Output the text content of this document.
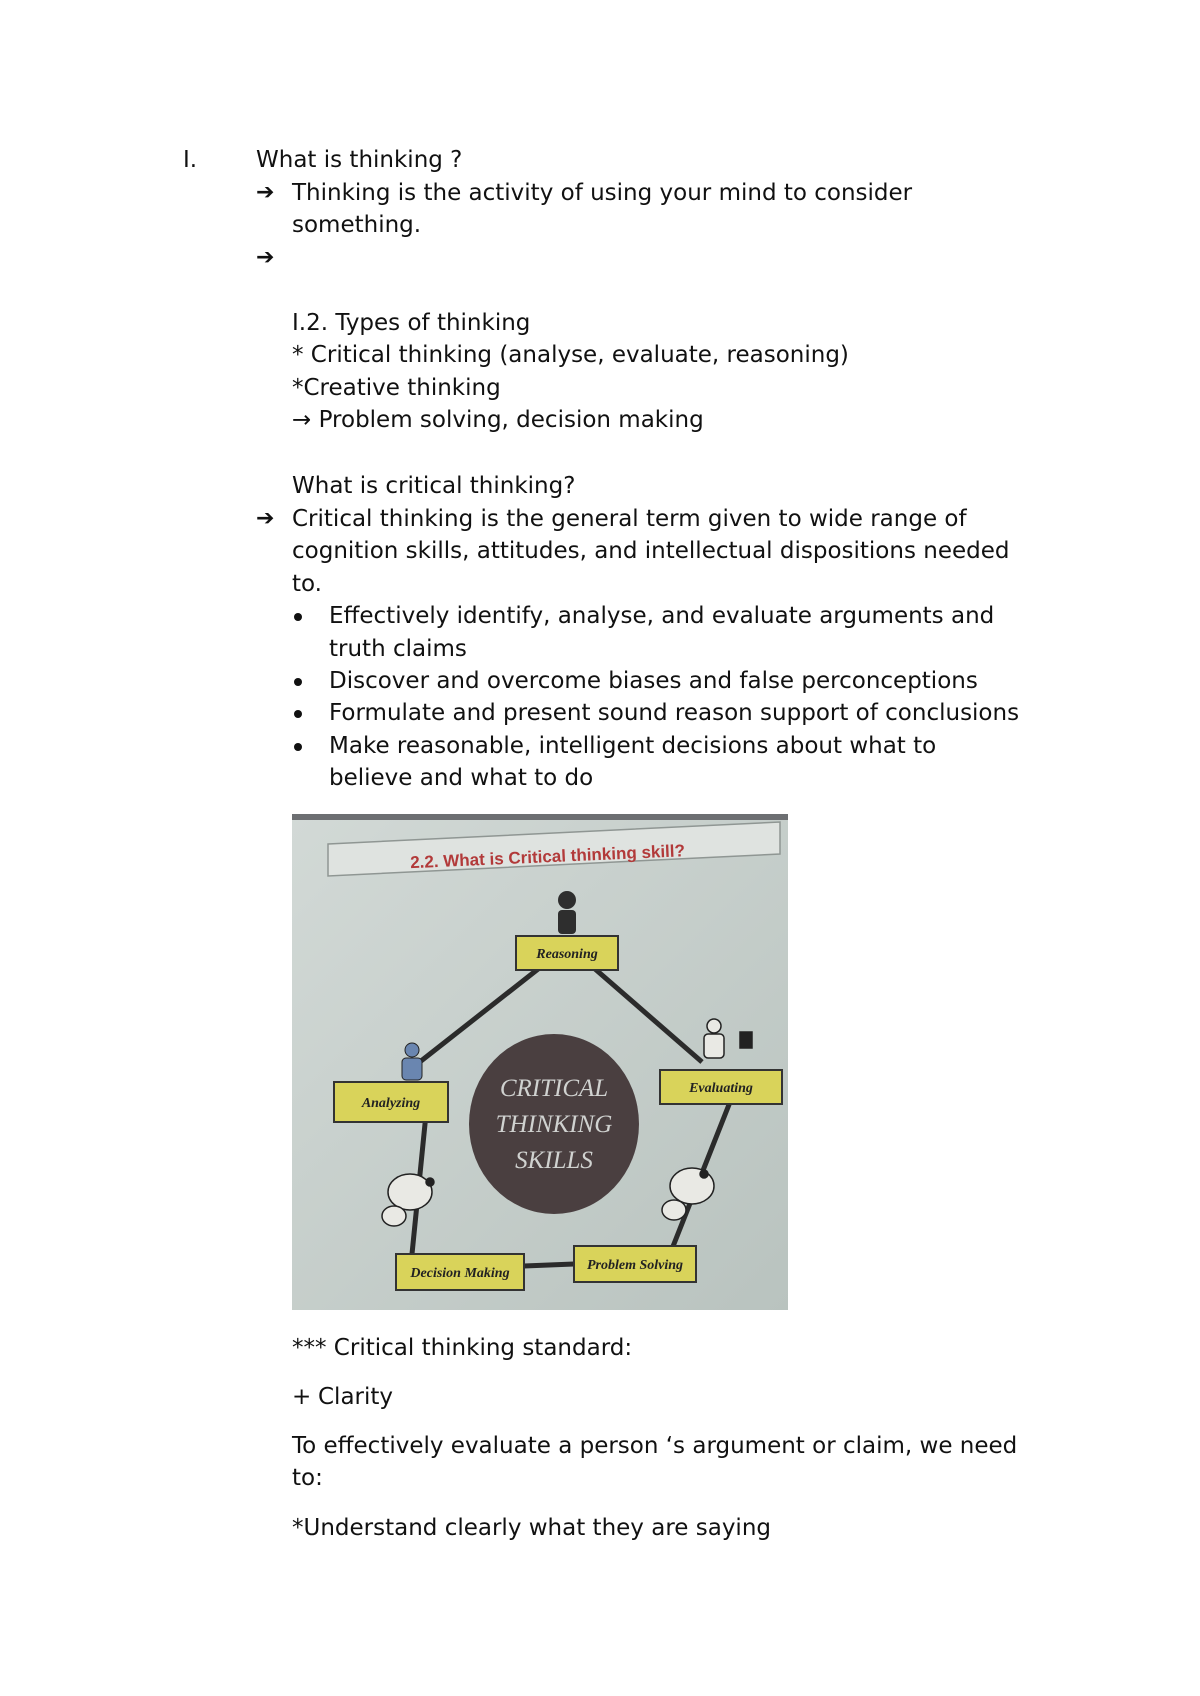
I.	What is thinking ?
➔ Thinking is the activity of using your mind to consider
something.
➔
I.2. Types of thinking
* Critical thinking (analyse, evaluate, reasoning)
*Creative thinking
→ Problem solving, decision making
What is critical thinking?
➔ Critical thinking is the general term given to wide range of
cognition skills, attitudes, and intellectual dispositions needed
to.
Effectively identify, analyse, and evaluate arguments and
truth claims
Discover and overcome biases and false perconceptions
Formulate and present sound reason support of conclusions
Make reasonable, intelligent decisions about what to
believe and what to do
2.2. What is Critical thinking skill?
CRITICAL
THINKING
SKILLS
Reasoning
Evaluating
Problem Solving
Decision Making
Analyzing
*** Critical thinking standard:
+ Clarity
To effectively evaluate a person ‘s argument or claim, we need
to:
*Understand clearly what they are saying
